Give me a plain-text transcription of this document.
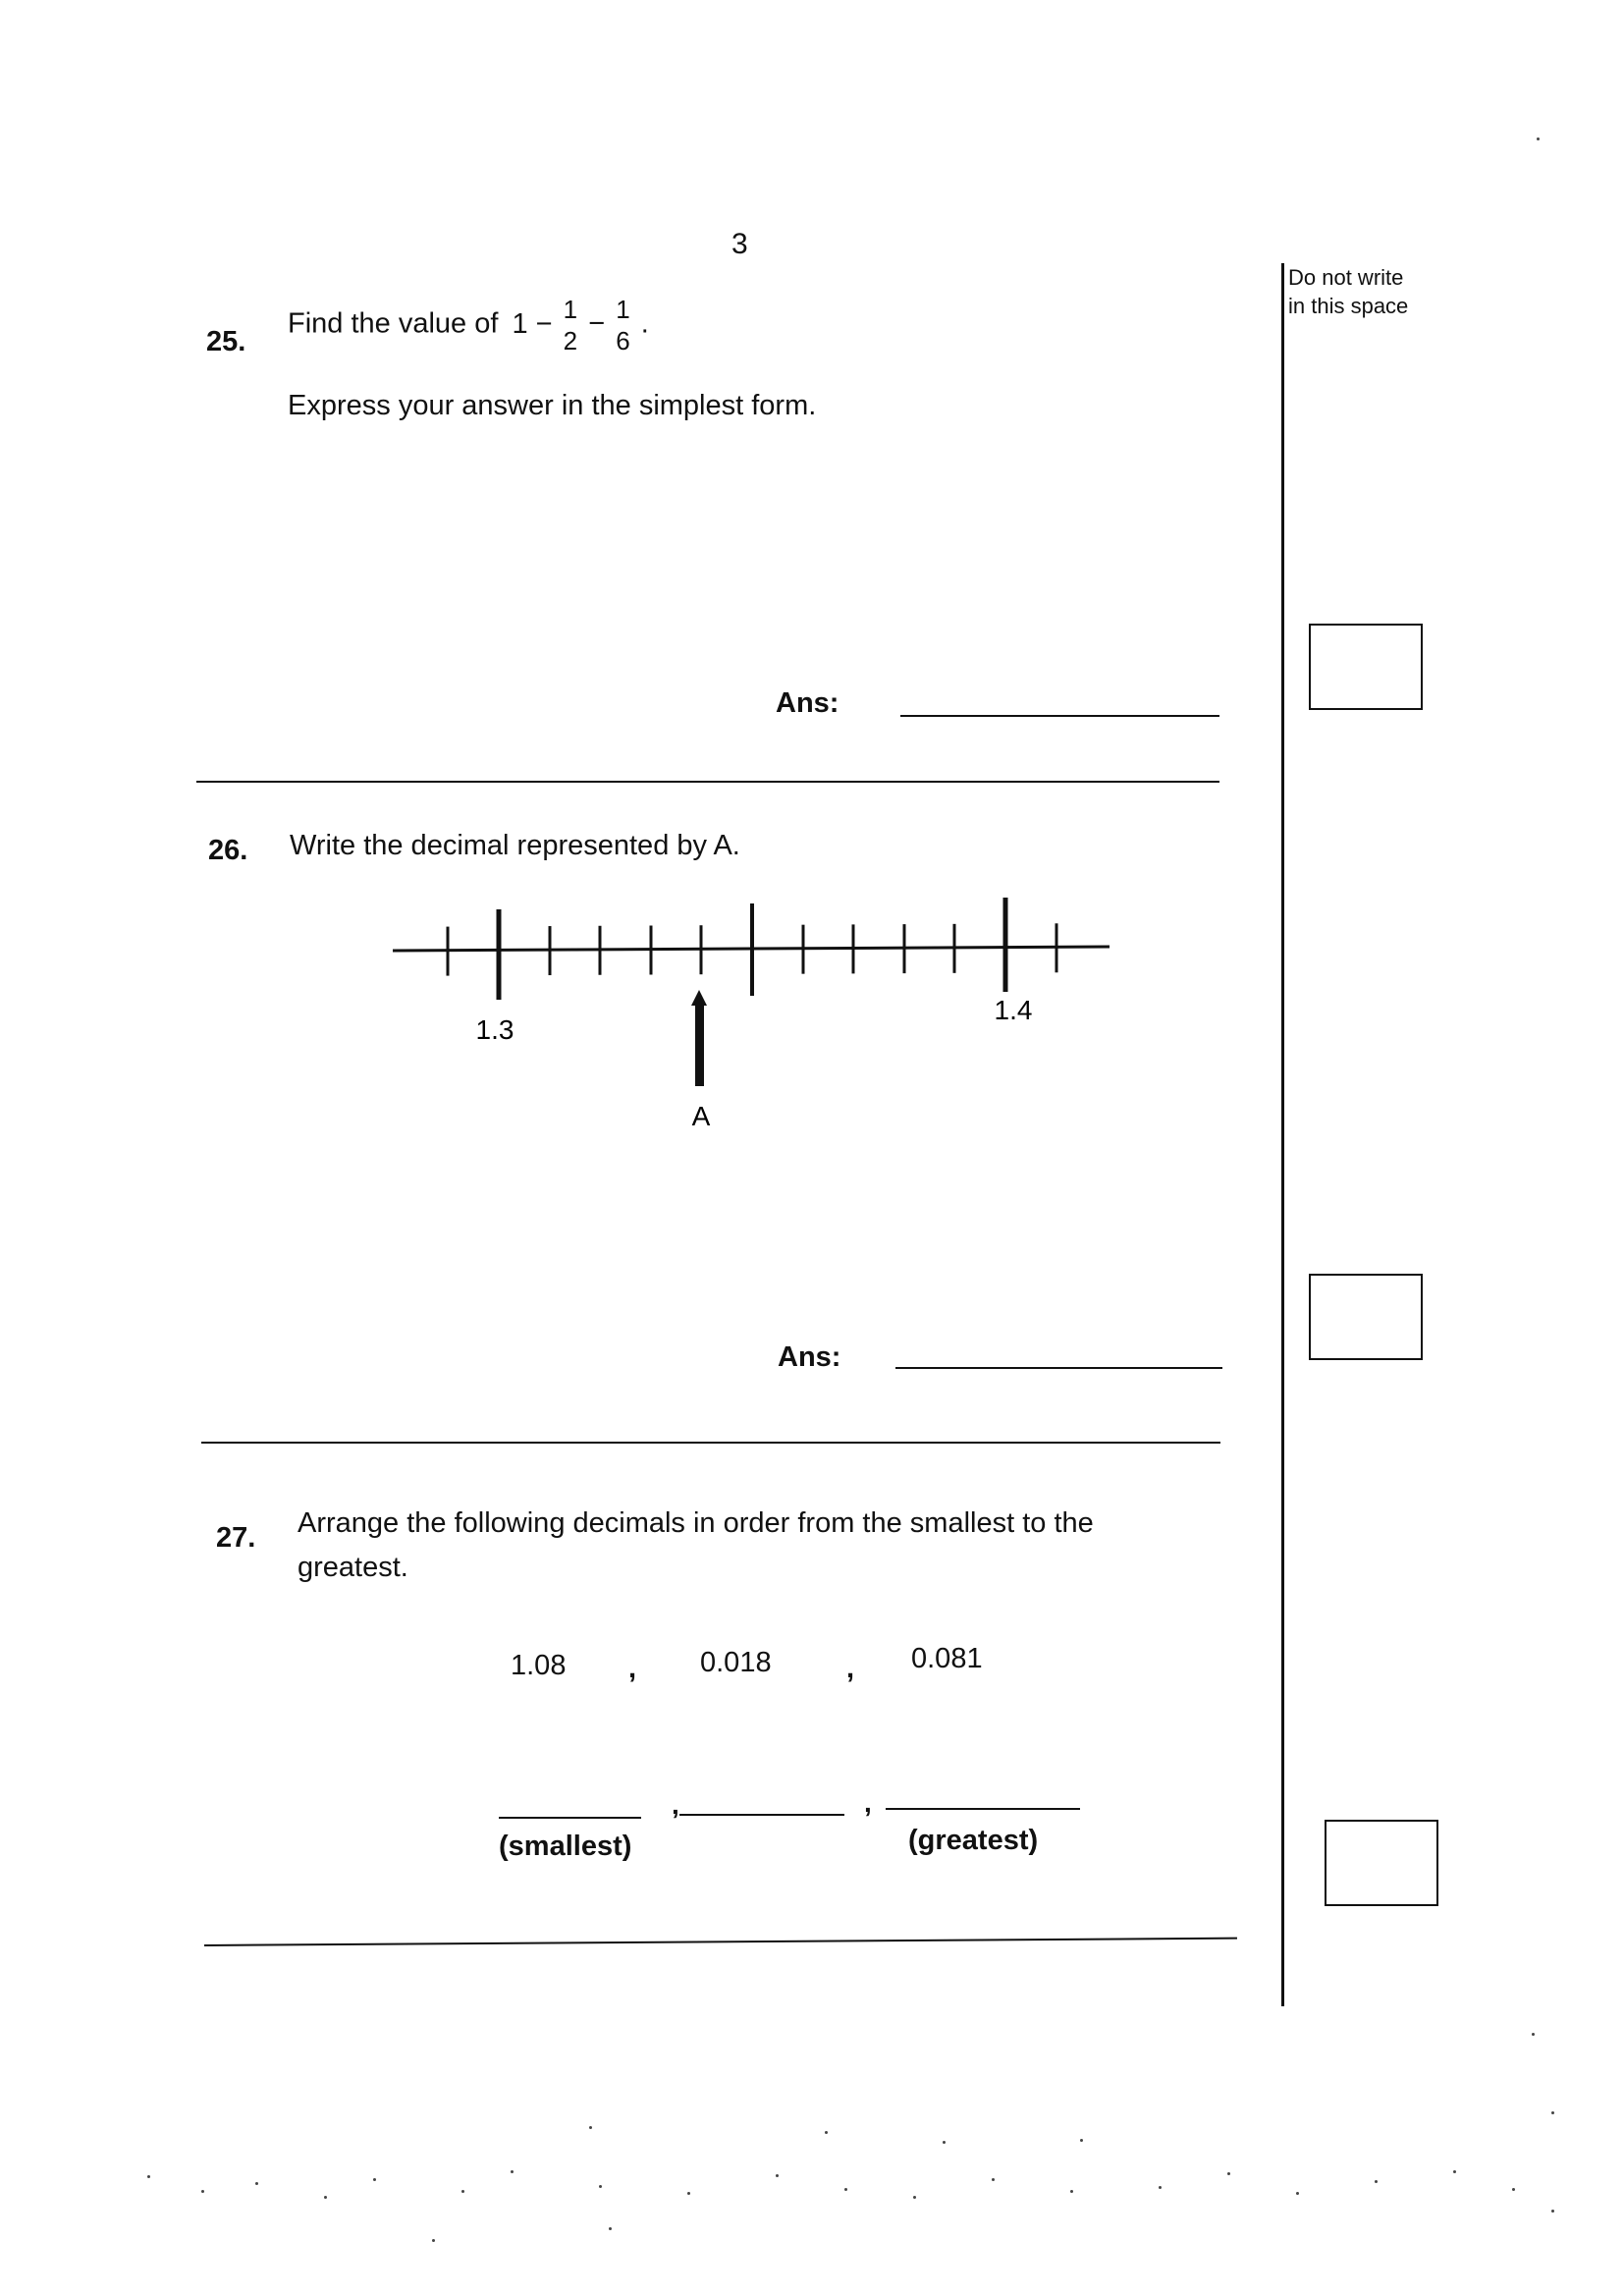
3
Do not write
in this space
25.
Find the value of 1 − 1
2
− 1
6
.
Express your answer in the simplest form.
Ans:
26. Write the decimal represented by A.
1.3
1.4
A
Ans:
27. Arrange the following decimals in order from the smallest to the
greatest.
1.08 , 0.018	, 0.081
,	,
(smallest)	(greatest)
